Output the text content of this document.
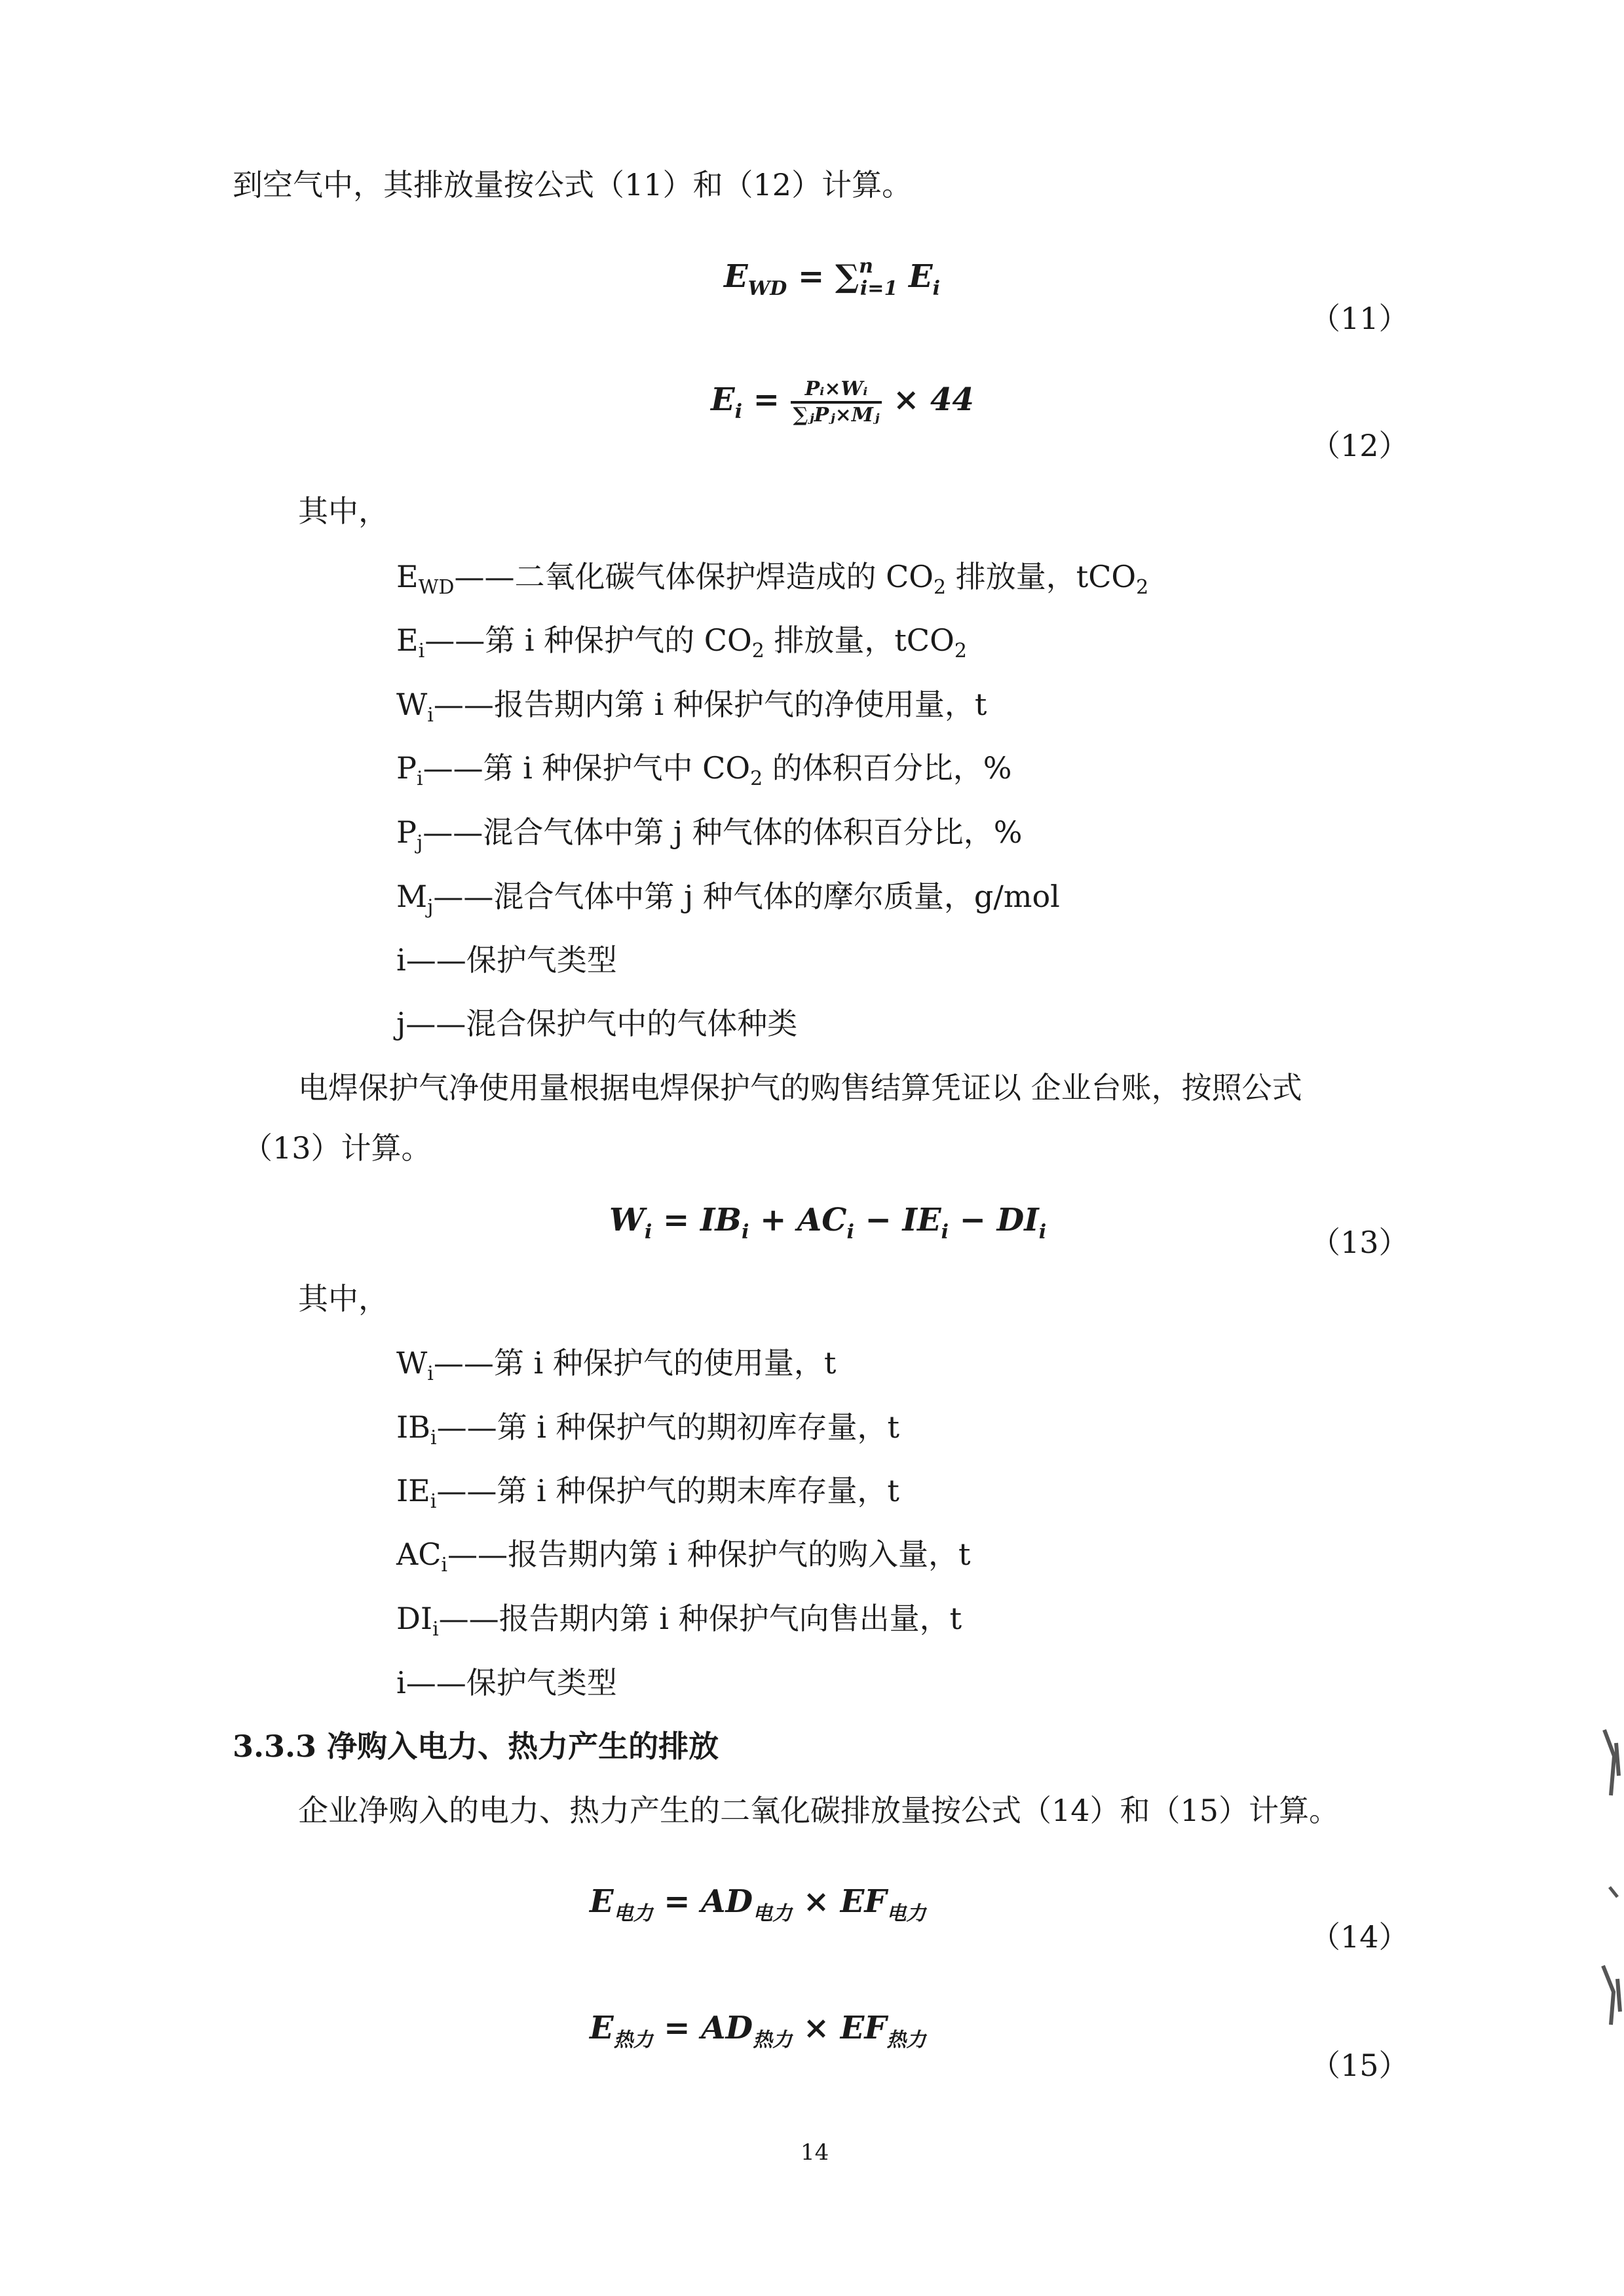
到空气中，其排放量按公式（11）和（12）计算。
$E_{WD} = \sum^n_{i=1}$ $E_i$
（11）
$E_i = \frac{\text{Pᵢ×Wᵢ}}{\text{∑ⱼPⱼ×Mⱼ}} \times 44$
（12）
其中，
$E_{WD}——$二氧化碳气体保护焊造成的 $CO_2$ 排放量，tCO$_2$
$E_i——$第 i 种保护气的 $CO_2$ 排放量，tCO$_2$
$W_i——$报告期内第 i 种保护气的净使用量，t
$P_i——$第 i 种保护气中 $CO_2$ 的体积百分比，%
$P_j——$混合气体中第 j 种气体的体积百分比，%
$M_j——$混合气体中第 j 种气体的摩尔质量，g/mol
i——保护气类型
j——混合保护气中的气体种类
电焊保护气净使用量根据电焊保护气的购售结算凭证以 企业台账，按照公式
（13）计算。
$W_i = IB_i + AC_i - IE_i - DI_i$	（13）
其中，
$W_i——$第 i 种保护气的使用量，t
$IB_i——$第 i 种保护气的期初库存量，t
$IE_i——$第 i 种保护气的期末库存量，t
$AC_i——$报告期内第 i 种保护气的购入量，t
$DI_i——$报告期内第 i 种保护气向售出量，t
i——保护气类型
3.3.3 净购入电力、热力产生的排放
企业净购入的电力、热力产生的二氧化碳排放量按公式（14）和（15）计算。
$E_{电力} = AD_{电力} \times EF_{电力}$
（14）
$E_{热力} = AD_{热力} \times EF_{热力}$
（15）
14
